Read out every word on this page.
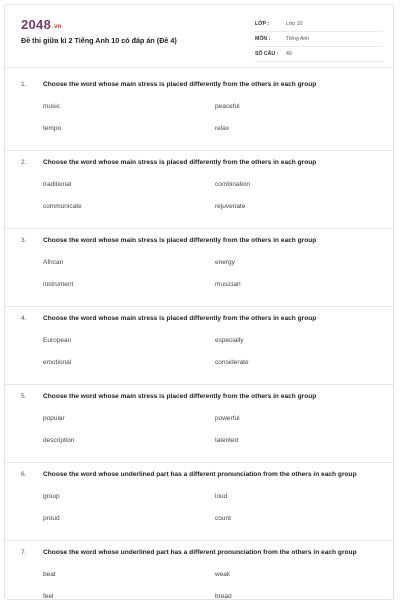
2048.vn
Đề thi giữa kì 2 Tiếng Anh 10 có đáp án (Đề 4)
LỚP :	Lớp 10
MÔN :	Tiếng Anh
SỐ CÂU :	40
1.	Choose the word whose main stress is placed differently from the others in each group
music	peaceful
tempo	relax
2.	Choose the word whose main stress is placed differently from the others in each group
traditional	combination
communicate	rejuvenate
3.	Choose the word whose main stress is placed differently from the others in each group
African	energy
instrument	musician
4.	Choose the word whose main stress is placed differently from the others in each group
European	especially
emotional	considerate
5.	Choose the word whose main stress is placed differently from the others in each group
popular	powerful
description	talented
6.	Choose the word whose underlined part has a different pronunciation from the others in each group
group	loud
proud	count
7.	Choose the word whose underlined part has a different pronunciation from the others in each group
beat	weak
feel	bread
